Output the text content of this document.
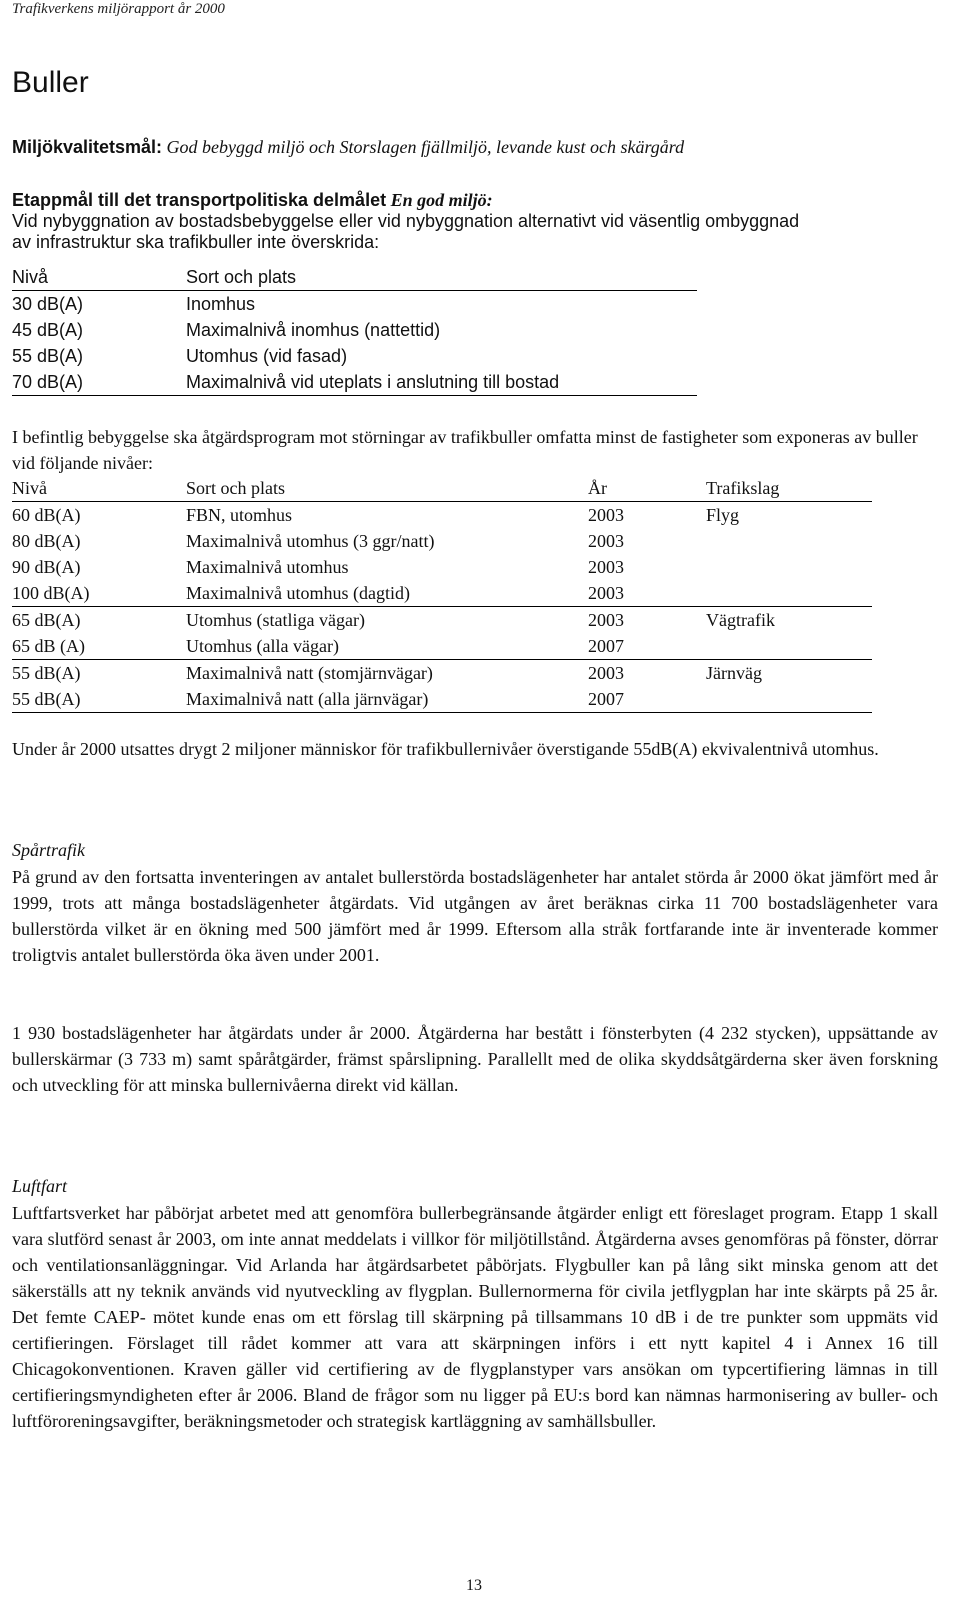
Trafikverkens miljörapport år 2000
Buller
Miljökvalitetsmål: God bebyggd miljö och Storslagen fjällmiljö, levande kust och skärgård
Etappmål till det transportpolitiska delmålet En god miljö:
Vid nybyggnation av bostadsbebyggelse eller vid nybyggnation alternativt vid väsentlig ombyggnad
av infrastruktur ska trafikbuller inte överskrida:
Nivå	Sort och plats
30 dB(A)	Inomhus
45 dB(A)	Maximalnivå inomhus (nattettid)
55 dB(A)	Utomhus (vid fasad)
70 dB(A)	Maximalnivå vid uteplats i anslutning till bostad

I befintlig bebyggelse ska åtgärdsprogram mot störningar av trafikbuller omfatta minst de fastigheter som exponeras av buller vid följande nivåer:

Nivå	Sort och plats	År	Trafikslag
60 dB(A)	FBN, utomhus	2003	Flyg
80 dB(A)	Maximalnivå utomhus (3 ggr/natt)	2003
90 dB(A)	Maximalnivå utomhus	2003
100 dB(A)	Maximalnivå utomhus (dagtid)	2003
65 dB(A)	Utomhus (statliga vägar)	2003	Vägtrafik
65 dB (A)	Utomhus (alla vägar)	2007
55 dB(A)	Maximalnivå natt (stomjärnvägar)	2003	Järnväg
55 dB(A)	Maximalnivå natt (alla järnvägar)	2007

Under år 2000 utsattes drygt 2 miljoner människor för trafikbullernivåer överstigande 55dB(A) ekvivalentnivå utomhus.

Spårtrafik

På grund av den fortsatta inventeringen av antalet bullerstörda bostadslägenheter har antalet störda år 2000 ökat jämfört med år 1999, trots att många bostadslägenheter åtgärdats. Vid utgången av året beräknas cirka 11 700 bostadslägenheter vara bullerstörda vilket är en ökning med 500 jämfört med år 1999. Eftersom alla stråk fortfarande inte är inventerade kommer troligtvis antalet bullerstörda öka även under 2001.

1 930 bostadslägenheter har åtgärdats under år 2000. Åtgärderna har bestått i fönsterbyten (4 232 stycken), uppsättande av bullerskärmar (3 733 m) samt spåråtgärder, främst spårslipning. Parallellt med de olika skyddsåtgärderna sker även forskning och utveckling för att minska bullernivåerna direkt vid källan.

Luftfart

Luftfartsverket har påbörjat arbetet med att genomföra bullerbegränsande åtgärder enligt ett föreslaget program. Etapp 1 skall vara slutförd senast år 2003, om inte annat meddelats i villkor för miljötillstånd. Åtgärderna avses genomföras på fönster, dörrar och ventilationsanläggningar. Vid Arlanda har åtgärdsarbetet påbörjats. Flygbuller kan på lång sikt minska genom att det säkerställs att ny teknik används vid nyutveckling av flygplan. Bullernormerna för civila jetflygplan har inte skärpts på 25 år. Det femte CAEP- mötet kunde enas om ett förslag till skärpning på tillsammans 10 dB i de tre punkter som uppmäts vid certifieringen. Förslaget till rådet kommer att vara att skärpningen införs i ett nytt kapitel 4 i Annex 16 till Chicagokonventionen. Kraven gäller vid certifiering av de flygplanstyper vars ansökan om typcertifiering lämnas in till certifieringsmyndigheten efter år 2006. Bland de frågor som nu ligger på EU:s bord kan nämnas harmonisering av buller- och luftföroreningsavgifter, beräkningsmetoder och strategisk kartläggning av samhällsbuller.

13
